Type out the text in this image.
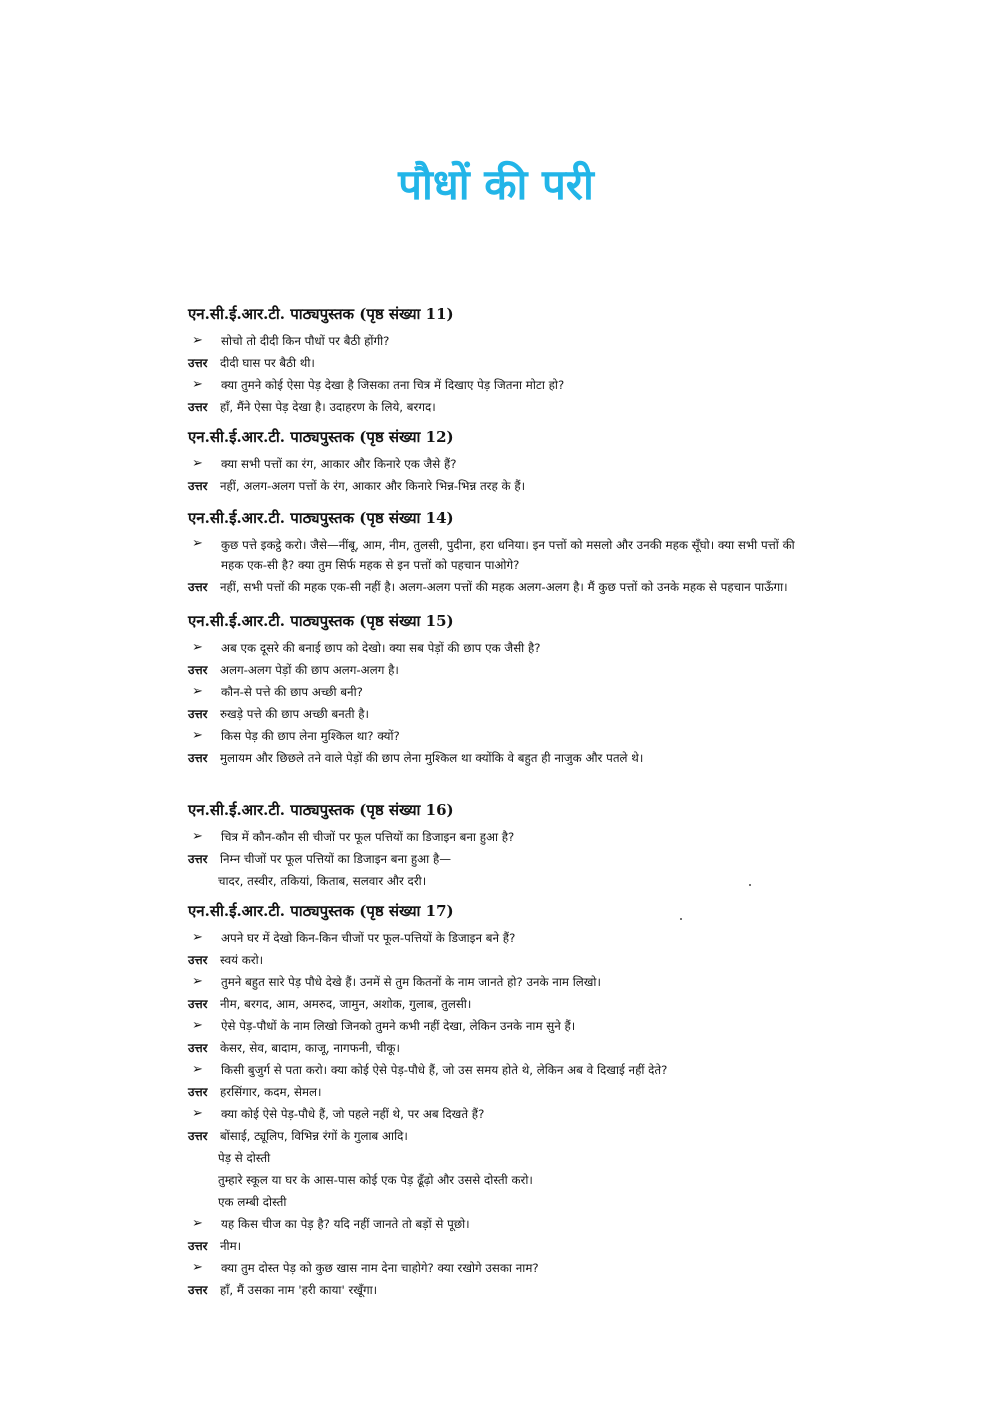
पौधों की परी
एन.सी.ई.आर.टी. पाठ्यपुस्तक (पृष्ठ संख्या 11)
➢ सोचो तो दीदी किन पौधों पर बैठी होंगी?
उत्तर दीदी घास पर बैठी थी।
➢ क्या तुमने कोई ऐसा पेड़ देखा है जिसका तना चित्र में दिखाए पेड़ जितना मोटा हो?
उत्तर हाँ, मैंने ऐसा पेड़ देखा है। उदाहरण के लिये, बरगद।
एन.सी.ई.आर.टी. पाठ्यपुस्तक (पृष्ठ संख्या 12)
➢ क्या सभी पत्तों का रंग, आकार और किनारे एक जैसे हैं?
उत्तर नहीं, अलग-अलग पत्तों के रंग, आकार और किनारे भिन्न-भिन्न तरह के हैं।
एन.सी.ई.आर.टी. पाठ्यपुस्तक (पृष्ठ संख्या 14)
➢ कुछ पत्ते इकट्ठे करो। जैसे—नींबू, आम, नीम, तुलसी, पुदीना, हरा धनिया। इन पत्तों को मसलो और उनकी महक सूँघो। क्या सभी पत्तों की महक एक-सी है? क्या तुम सिर्फ महक से इन पत्तों को पहचान पाओगे?
उत्तर नहीं, सभी पत्तों की महक एक-सी नहीं है। अलग-अलग पत्तों की महक अलग-अलग है। मैं कुछ पत्तों को उनके महक से पहचान पाऊँगा।
एन.सी.ई.आर.टी. पाठ्यपुस्तक (पृष्ठ संख्या 15)
➢ अब एक दूसरे की बनाई छाप को देखो। क्या सब पेड़ों की छाप एक जैसी है?
उत्तर अलग-अलग पेड़ों की छाप अलग-अलग है।
➢ कौन-से पत्ते की छाप अच्छी बनी?
उत्तर रुखड़े पत्ते की छाप अच्छी बनती है।
➢ किस पेड़ की छाप लेना मुश्किल था? क्यों?
उत्तर मुलायम और छिछले तने वाले पेड़ों की छाप लेना मुश्किल था क्योंकि वे बहुत ही नाजुक और पतले थे।
एन.सी.ई.आर.टी. पाठ्यपुस्तक (पृष्ठ संख्या 16)
➢ चित्र में कौन-कौन सी चीजों पर फूल पत्तियों का डिजाइन बना हुआ है?
उत्तर निम्न चीजों पर फूल पत्तियों का डिजाइन बना हुआ है—
चादर, तस्वीर, तकियां, किताब, सलवार और दरी।
एन.सी.ई.आर.टी. पाठ्यपुस्तक (पृष्ठ संख्या 17)
➢ अपने घर में देखो किन-किन चीजों पर फूल-पत्तियों के डिजाइन बने हैं?
उत्तर स्वयं करो।
➢ तुमने बहुत सारे पेड़ पौधे देखे हैं। उनमें से तुम कितनों के नाम जानते हो? उनके नाम लिखो।
उत्तर नीम, बरगद, आम, अमरुद, जामुन, अशोक, गुलाब, तुलसी।
➢ ऐसे पेड़-पौधों के नाम लिखो जिनको तुमने कभी नहीं देखा, लेकिन उनके नाम सुने हैं।
उत्तर केसर, सेव, बादाम, काजू, नागफनी, चीकू।
➢ किसी बुजुर्ग से पता करो। क्या कोई ऐसे पेड़-पौधे हैं, जो उस समय होते थे, लेकिन अब वे दिखाई नहीं देते?
उत्तर हरसिंगार, कदम, सेमल।
➢ क्या कोई ऐसे पेड़-पौधे हैं, जो पहले नहीं थे, पर अब दिखते हैं?
उत्तर बोंसाई, ट्यूलिप, विभिन्न रंगों के गुलाब आदि।
पेड़ से दोस्ती
तुम्हारे स्कूल या घर के आस-पास कोई एक पेड़ ढूँढ़ो और उससे दोस्ती करो।
एक लम्बी दोस्ती
➢ यह किस चीज का पेड़ है? यदि नहीं जानते तो बड़ों से पूछो।
उत्तर नीम।
➢ क्या तुम दोस्त पेड़ को कुछ खास नाम देना चाहोगे? क्या रखोगे उसका नाम?
उत्तर हाँ, मैं उसका नाम 'हरी काया' रखूँगा।
